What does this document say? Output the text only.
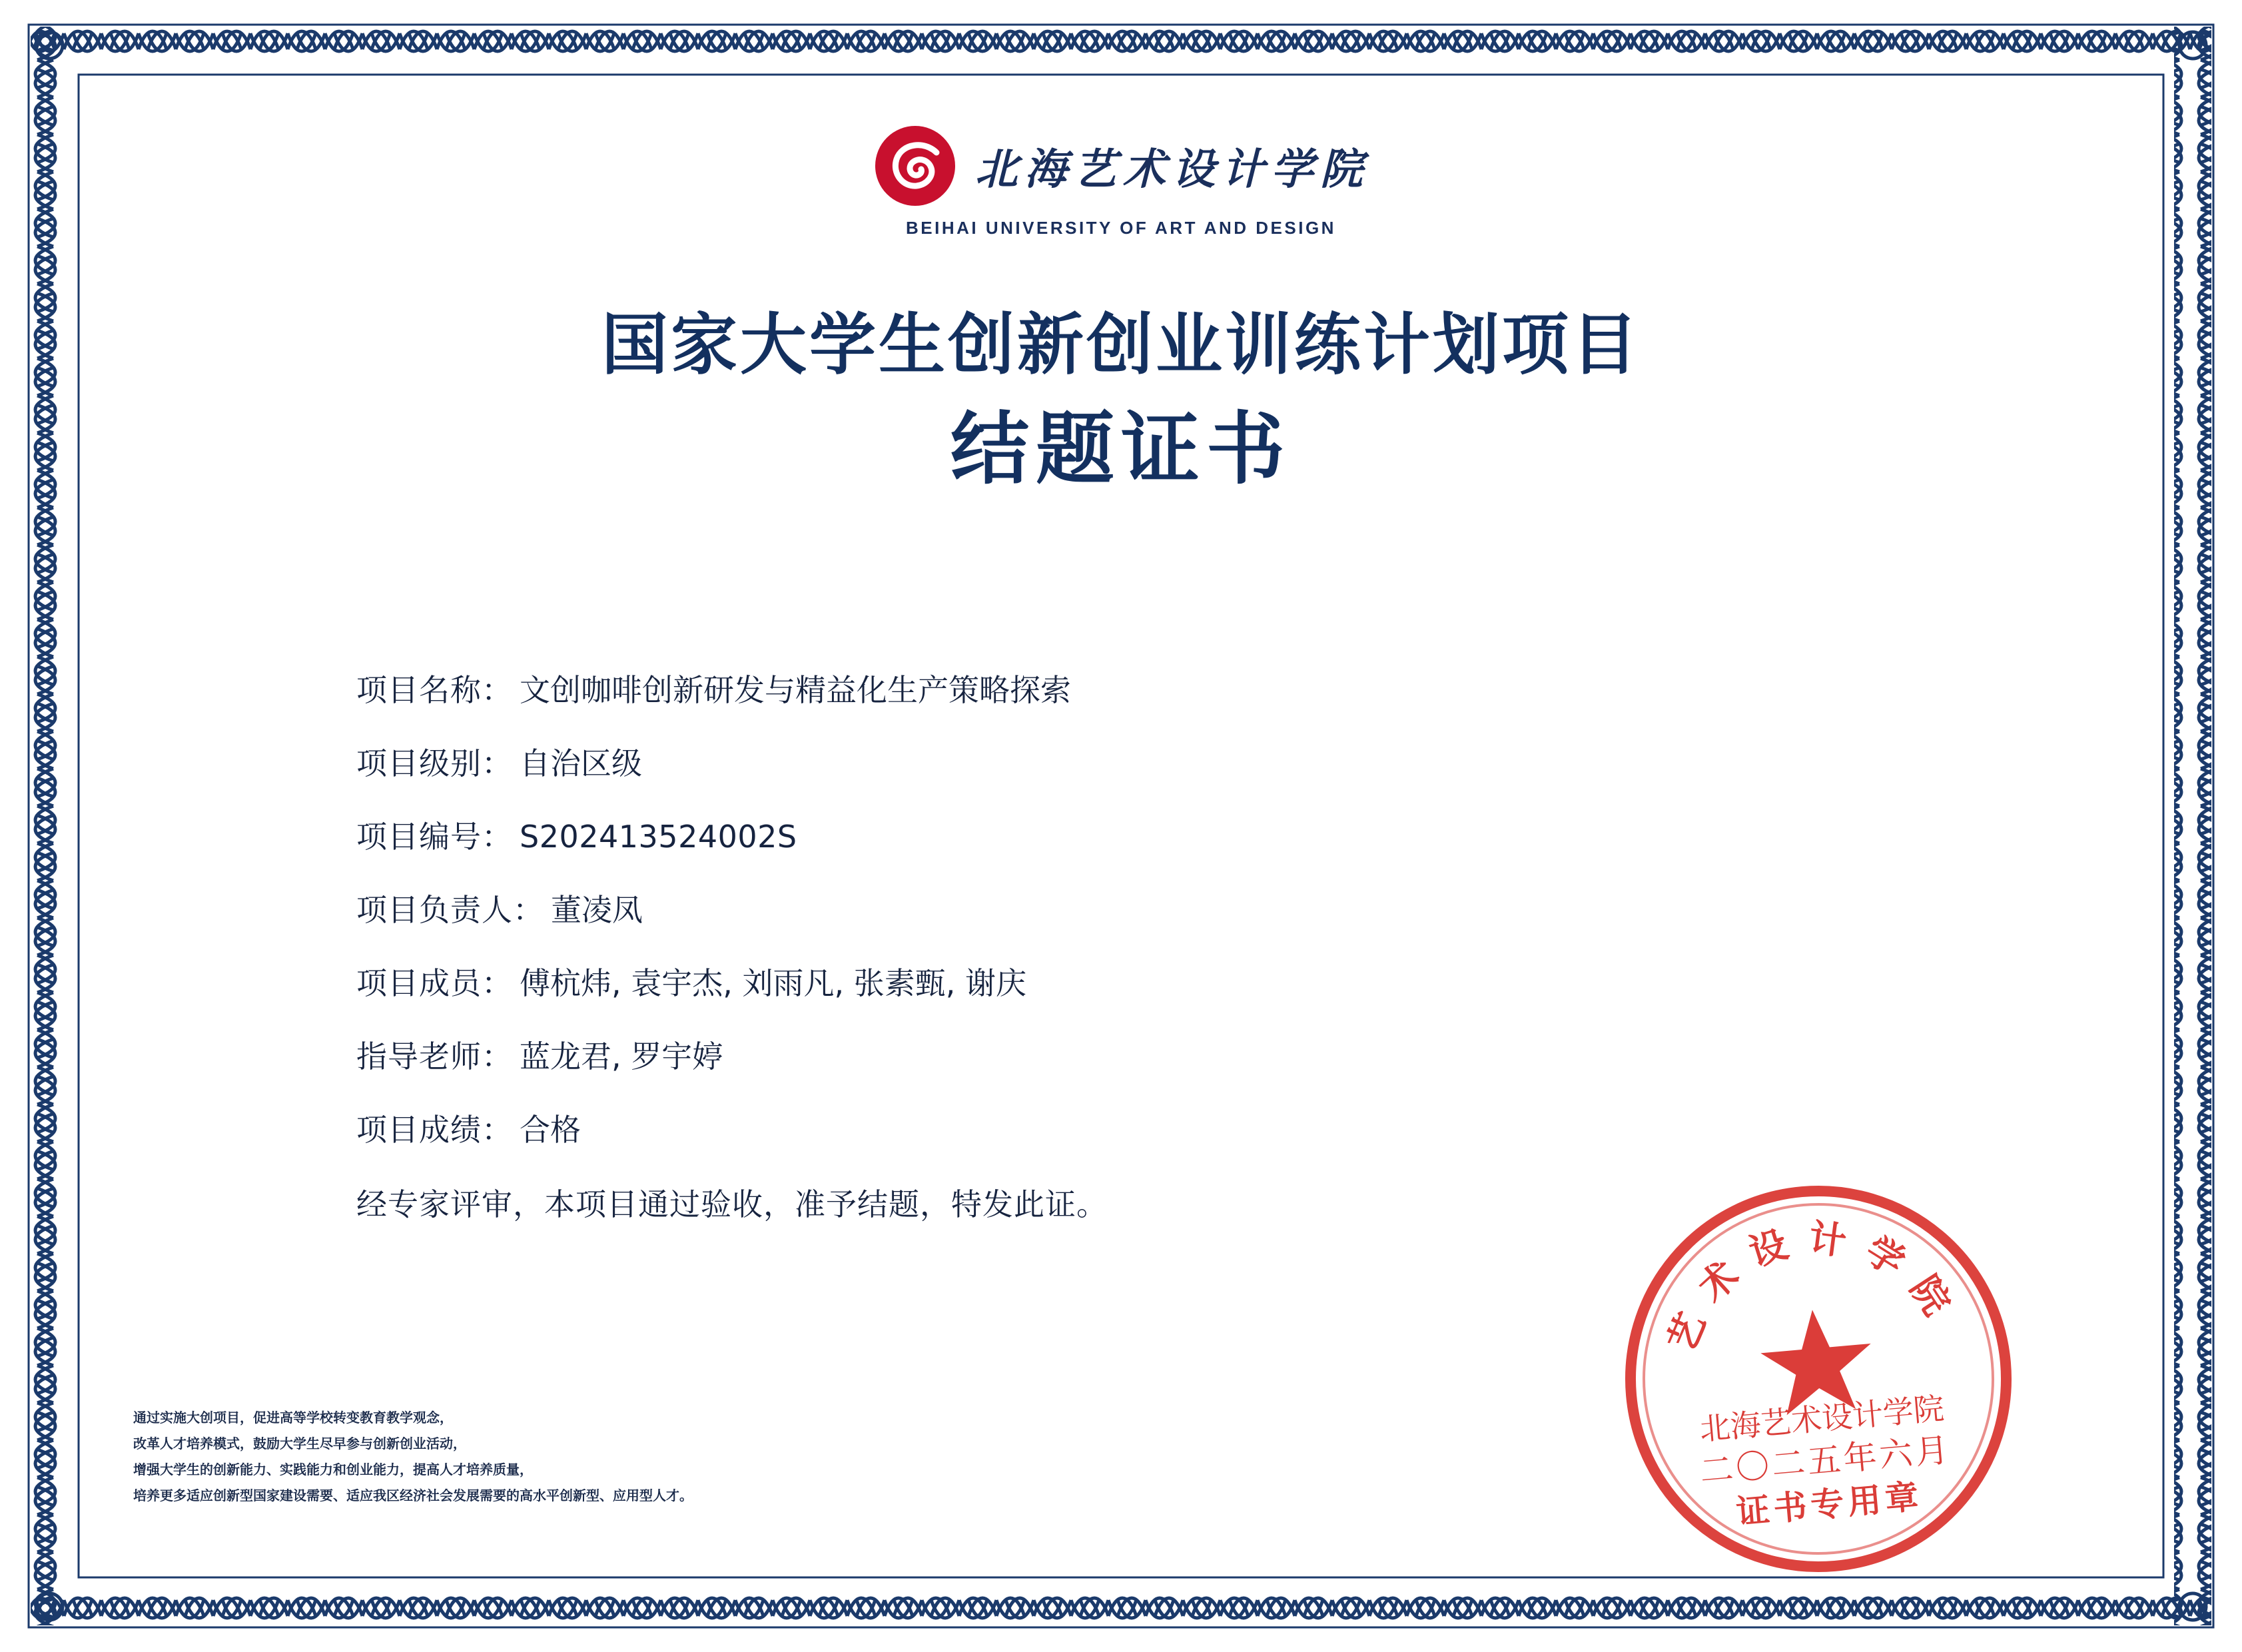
北海艺术设计学院
BEIHAI UNIVERSITY OF ART AND DESIGN
国家大学生创新创业训练计划项目
结题证书
项目名称： 文创咖啡创新研发与精益化生产策略探索
项目级别： 自治区级
项目编号： S202413524002S
项目负责人： 董凌凤
项目成员： 傅杭炜, 袁宇杰, 刘雨凡, 张素甄, 谢庆
指导老师： 蓝龙君, 罗宇婷
项目成绩： 合格
经专家评审，本项目通过验收，准予结题，特发此证。
通过实施大创项目，促进高等学校转变教育教学观念，
改革人才培养模式，鼓励大学生尽早参与创新创业活动，
增强大学生的创新能力、实践能力和创业能力，提高人才培养质量，
培养更多适应创新型国家建设需要、适应我区经济社会发展需要的高水平创新型、应用型人才。
艺术设计学院
北海艺术设计学院
二〇二五年六月
证书专用章
